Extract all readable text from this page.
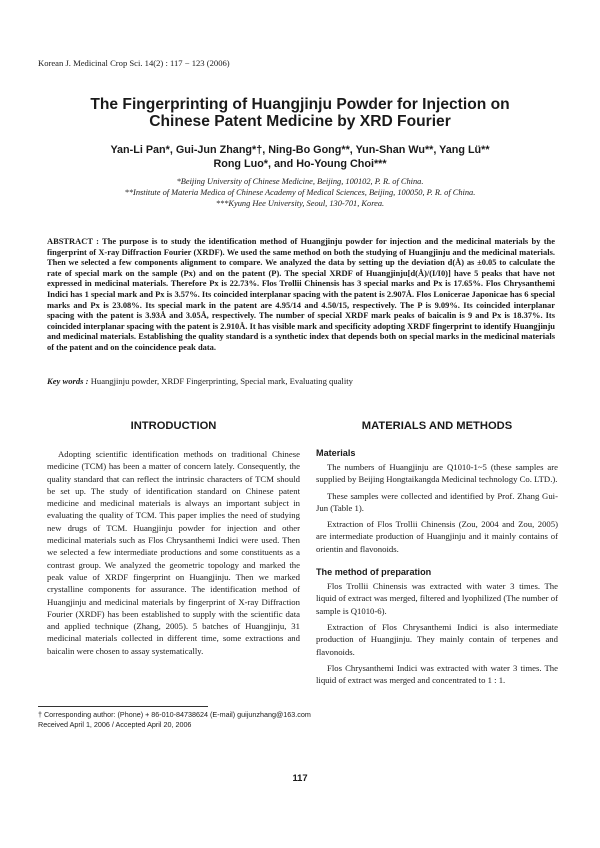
Korean J. Medicinal Crop Sci. 14(2) : 117 − 123 (2006)
The Fingerprinting of Huangjinju Powder for Injection on
Chinese Patent Medicine by XRD Fourier
Yan-Li Pan*, Gui-Jun Zhang*†, Ning-Bo Gong**, Yun-Shan Wu**, Yang Lü**
Rong Luo*, and Ho-Young Choi***
*Beijing University of Chinese Medicine, Beijing, 100102, P. R. of China.
**Institute of Materia Medica of Chinese Academy of Medical Sciences, Beijing, 100050, P. R. of China.
***Kyung Hee University, Seoul, 130-701, Korea.
ABSTRACT : The purpose is to study the identification method of Huangjinju powder for injection and the medicinal materials by the fingerprint of X-ray Diffraction Fourier (XRDF). We used the same method on both the studying of Huangjinju and the medicinal materials. Then we selected a few components alignment to compare. We analyzed the data by setting up the deviation d(Å) as ±0.05 to calculate the rate of special mark on the sample (Px) and on the patent (P). The special XRDF of Huangjinju[d(Å)/(I/I0)] have 5 peaks that have not expressed in medicinal materials. Therefore Px is 22.73%. Flos Trollii Chinensis has 3 special marks and Px is 17.65%. Flos Chrysanthemi Indici has 1 special mark and Px is 3.57%. Its coincided interplanar spacing with the patent is 2.907Å. Flos Lonicerae Japonicae has 6 special marks and Px is 23.08%. Its special mark in the patent are 4.95/14 and 4.50/15, respectively. The P is 9.09%. Its coincided interplanar spacing with the patent is 3.93Å and 3.05Å, respectively. The number of special XRDF mark peaks of baicalin is 9 and Px is 18.37%. Its coincided interplanar spacing with the patent is 2.910Å. It has visible mark and specificity adopting XRDF fingerprint to identify Huangjinju and medicinal materials. Establishing the quality standard is a synthetic index that depends both on special marks in the medicinal materials of the patent and on the coincidence peak data.
Key words : Huangjinju powder, XRDF Fingerprinting, Special mark, Evaluating quality
INTRODUCTION

Adopting scientific identification methods on traditional Chinese medicine (TCM) has been a matter of concern lately. Consequently, the quality standard that can reflect the intrinsic characters of TCM should be set up. The study of identification standard on Chinese patent medicine and medicinal materials is always an important subject in evaluating the quality of TCM. This paper implies the need of studying new drugs of TCM. Huangjinju powder for injection and other medicinal materials such as Flos Chrysanthemi Indici were used. Then we selected a few intermediate productions and some constituents as a contrast group. We analyzed the geometric topology and marked the peak value of XRDF fingerprint on Huangjinju. Then we marked crystalline components for assurance. The identification method of Huangjinju and medicinal materials by fingerprint of X-ray Diffraction Fourier (XRDF) has been established to supply with the scientific data and applied technique (Zhang, 2005). 5 batches of Huangjinju, 31 medicinal materials collected in different time, some extractions and baicalin were chosen to assay systematically.

MATERIALS AND METHODS
Materials

The numbers of Huangjinju are Q1010-1~5 (these samples are supplied by Beijing Hongtaikangda Medicinal technology Co. LTD.).

These samples were collected and identified by Prof. Zhang Gui-Jun (Table 1).

Extraction of Flos Trollii Chinensis (Zou, 2004 and Zou, 2005) are intermediate production of Huangjinju and it mainly contains of orientin and flavonoids.

The method of preparation

Flos Trollii Chinensis was extracted with water 3 times. The liquid of extract was merged, filtered and lyophilized (The number of sample is Q1010-6).

Extraction of Flos Chrysanthemi Indici is also intermediate production of Huangjinju. They mainly contain of terpenes and flavonoids.

Flos Chrysanthemi Indici was extracted with water 3 times. The liquid of extract was merged and concentrated to 1 : 1.

† Corresponding author: (Phone) + 86-010-84738624 (E-mail) guijunzhang@163.com
Received April 1, 2006 / Accepted April 20, 2006
117
